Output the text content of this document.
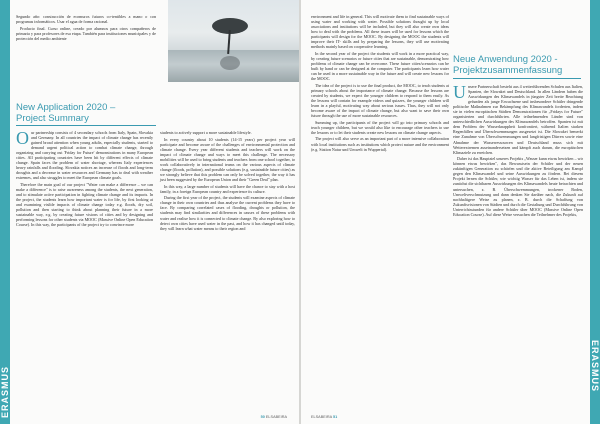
ERASMUS

Segundo año: construcción de ecomuros futuros co-tentibles a mano o con programas informáticos. Usar el agua de forma racional.

Producto final. Curso online, creado por alumnos para otros compañeros de primaria y para profesores de esa etapa. También para instituciones municipales y de protección del medio ambiente

New Application 2020 –
Project Summary

Our partnership consists of 4 secondary schools from Italy, Spain, Slovakia and Germany. In all countries the impact of climate change has recently gained broad attention when young adults, especially students, started to demand urgent political action to combat climate change, through organizing and carrying out 'Friday for Future' demonstrations in many European cities. All participating countries have been hit by different effects of climate change. Spain faces the problem of water shortage, whereas Italy experiences heavy rainfalls and flooding. Slovakia notices an increase of floods and long-term droughts and a decrease in water resources and Germany has to deal with weather extremes, and also struggles to meet the European climate goals.

Therefore the main goal of our project "Water can make a difference – we can make a difference" is to raise awareness among the students, the next generation, and to stimulate active participation in fighting climate change and its impacts. In the project, the students learn how important water is for life, by first looking at and examining visible impacts of climate change today e.g. floods, dry soil, pollution and then starting to think about planning their future in a more sustainable way, e.g. by creating future visions of cities and by designing and performing lessons for other students via MOOC (Massive Online Open Education Course). In this way, the participants of the project try to convince more

students to actively support a more sustainable lifestyle.

In every country about 10 students (14-15 years) per project year will participate and become aware of the challenges of environmental protection and climate change. Every year different students and teachers will work on the impact of climate change and ways to meet this challenge. The necessary mobilities will be used to bring students and teachers from one school together, to work collaboratively in international teams on the various aspects of climate change (floods, pollution), and possible solutions (e.g. sustainable future cities) as we strongly believe that this problem can only be solved together, the way it has just been suggested by the European Union and their "Green Deal" plan.

In this way, a large number of students will have the chance to stay with a host family, in a foreign European country and experience its culture.

During the first year of the project, the students will examine aspects of climate change in their own countries and thus analyse the current problems they have to face. By comparing correlated cases of flooding, droughts or pollution, the students may find similarities and differences in causes of these problems with water and realise how it is connected to climate change. By also exploring how to detect own cities have used water in the past, and how it has changed until today, they will learn what water means to their region and

50 ELSABEIRA
ERASMUS

environment and life in general. This will motivate them to find sustainable ways of using water and working with water. Possible solutions thought up by local associations and institutions will be included, but they will also create own ideas how to deal with the problems. All these issues will be used for lessons which the participants will design for the MOOC. By designing the MOOC the students will improve their IT- skills and by preparing the lessons, they will use motivating methods mainly based on cooperative learning.

In the second year of the project the students will work in a more practical way, by creating future scenarios or future cities that are sustainable, demonstrating how problems of climate change can be overcome. These future cities/scenarios can be built by hand or can be designed at the computer. The participants learn how water can be used in a more sustainable way in the future and will create new lessons for the MOOC.

The idea of the project is to use the final product, the MOOC, to teach students at primary schools about the importance of climate change. Because the lessons are created by students, we expect the younger children to respond to them easily. As the lessons will contain for example videos and quizzes, the younger children will learn in a playful, motivating way about serious issues. Thus, they will not only become aware of the impact of climate change, but also want to save their own future through the use of more sustainable resources.

Summing up, the participants of the project will go into primary schools and teach younger children, but we would also like to encourage other teachers to use the lessons or to let their students create new lessons on climate change aspects.

The project will also serve as an important part of a more intensive collaboration with local institutions such as institutions which protect nature and the environment (e.g. Station Natur und Umwelt in Wuppertal).

Neue Anwendung 2020 -
Projektzusammenfassung

Unsere Partnerschaft besteht aus 4 weiterführenden Schulen aus Italien, Spanien, der Slowakei und Deutschland. In allen Ländern haben die Auswirkungen des Klimawandels in jüngster Zeit breite Beachtung gefunden als junge Erwachsene und insbesondere Schüler dringende politische Maßnahmen zur Bekämpfung des Klimawandels forderten, indem sie in vielen europäischen Städten Demonstrationen für „Fridays for Future" organisierten und durchführten. Alle teilnehmenden Länder sind von unterschiedlichen Auswirkungen des Klimawandels betroffen. Spanien ist mit dem Problem der Wasserknappheit konfrontiert, während Italien starken Regenfällen und Überschwemmungen ausgesetzt ist. Die Slowakei bemerkt eine Zunahme von Überschwemmungen und langfristigen Dürren sowie eine Abnahme der Wasserressourcen und Deutschland muss sich mit Wetterextremen auseinandersetzen und kämpft auch darum, die europäischen Klimaziele zu erreichen.

Daher ist das Hauptziel unseres Projekts „Wasser kann etwas bewirken – wir können etwas bewirken", das Bewusstsein der Schüler und der neuen zukünftigen Generation zu schärfen und die aktive Beteiligung am Kampf gegen den Klimawandel und seine Auswirkungen zu fördern. Bei diesem Projekt lernen die Schüler, wie wichtig Wasser für das Leben ist, indem sie zunächst die sichtbaren Auswirkungen des Klimawandels heute betrachten und untersuchen, z. B. Überschwemmungen, trockener Boden, Umweltverschmutzung und dann denken Sie darüber nach, die Zukunft auf nachhaltigere Weise zu planen, z. B. durch die Schaffung von Zukunftsvisionen von Städten und durch die Gestaltung und Durchführung von Unterrichtsstunden für andere Schüler über MOOC (Massive Online Open Education Course). Auf diese Weise versuchen die Teilnehmer des Projekts,

ELSABEIRA 51
